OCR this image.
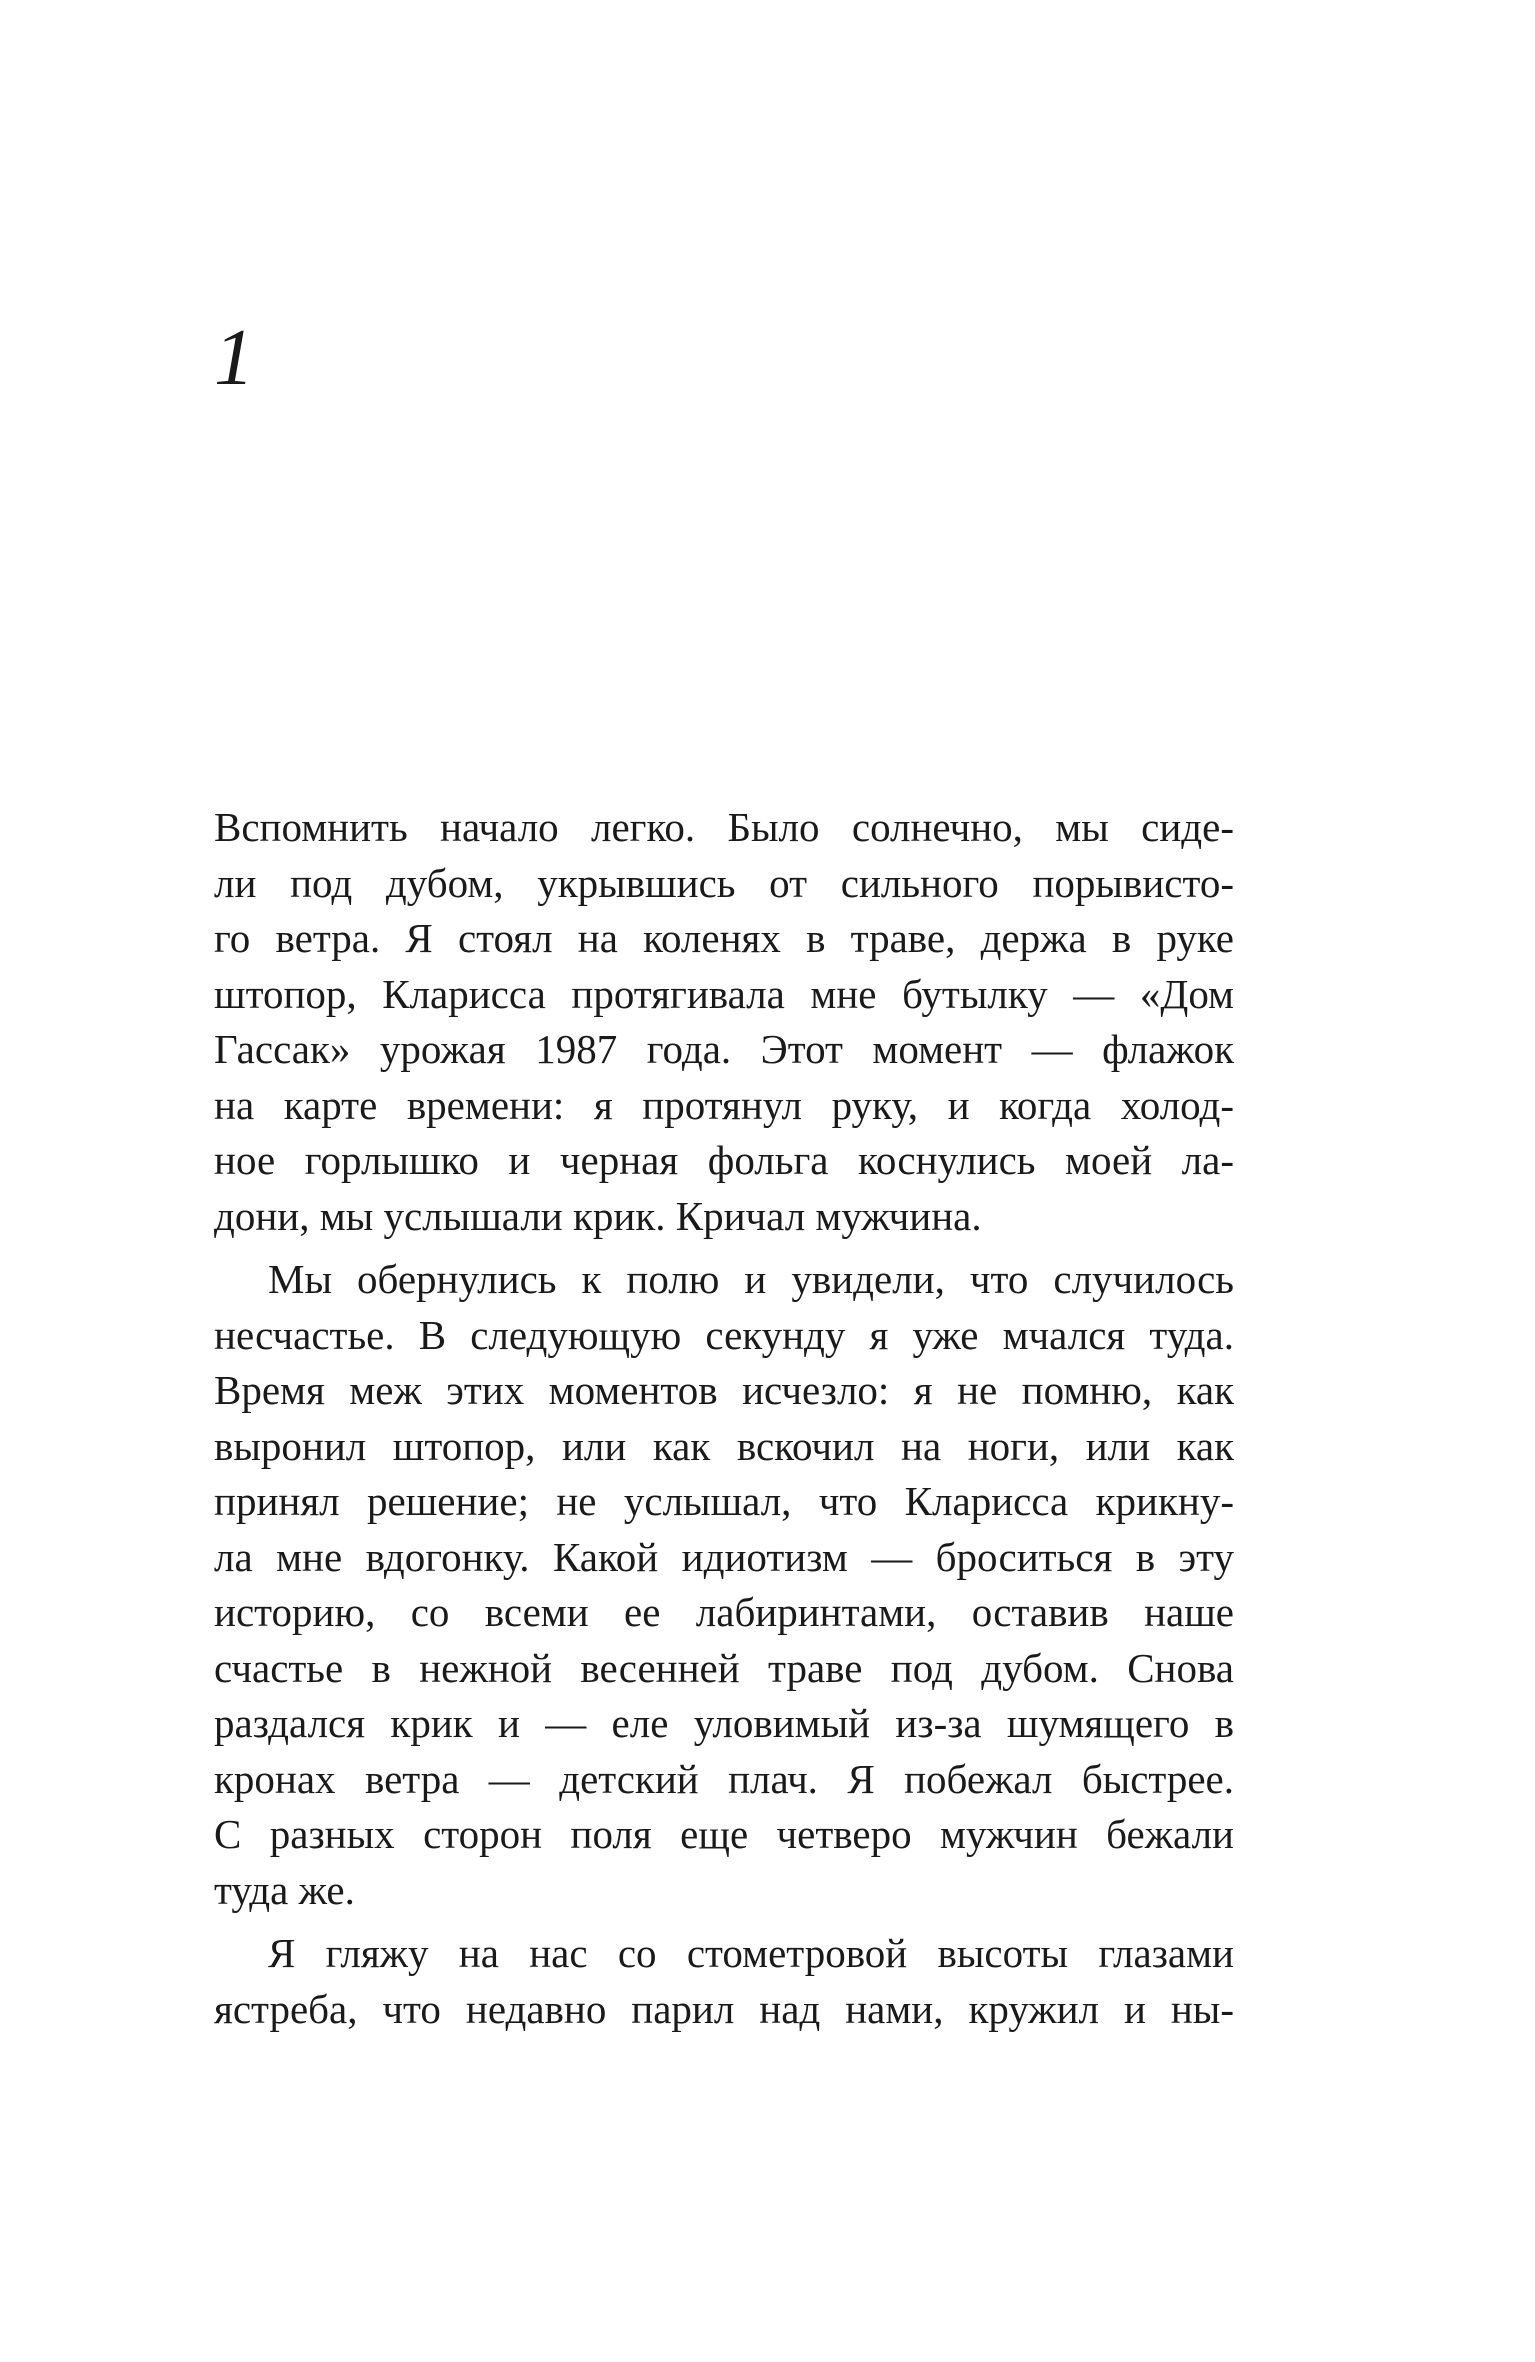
1

Вспомнить начало легко. Было солнечно, мы сиде-
ли под дубом, укрывшись от сильного порывисто-
го ветра. Я стоял на коленях в траве, держа в руке
штопор, Кларисса протягивала мне бутылку — «Дом
Гассак» урожая 1987 года. Этот момент — флажок
на карте времени: я протянул руку, и когда холод-
ное горлышко и черная фольга коснулись моей ла-
дони, мы услышали крик. Кричал мужчина.
Мы обернулись к полю и увидели, что случилось
несчастье. В следующую секунду я уже мчался туда.
Время меж этих моментов исчезло: я не помню, как
выронил штопор, или как вскочил на ноги, или как
принял решение; не услышал, что Кларисса крикну-
ла мне вдогонку. Какой идиотизм — броситься в эту
историю, со всеми ее лабиринтами, оставив наше
счастье в нежной весенней траве под дубом. Снова
раздался крик и — еле уловимый из-за шумящего в
кронах ветра — детский плач. Я побежал быстрее.
С разных сторон поля еще четверо мужчин бежали
туда же.
Я гляжу на нас со стометровой высоты глазами
ястреба, что недавно парил над нами, кружил и ны-
